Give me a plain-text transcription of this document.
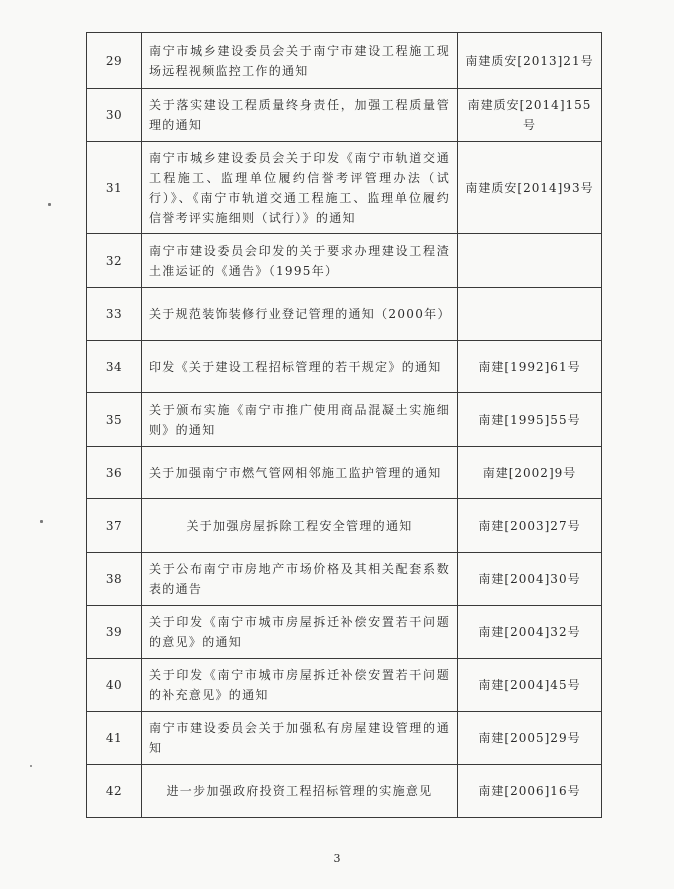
29	南宁市城乡建设委员会关于南宁市建设工程施工现场远程视频监控工作的通知	南建质安[2013]21号
30	关于落实建设工程质量终身责任，加强工程质量管理的通知	南建质安[2014]155号
31	南宁市城乡建设委员会关于印发《南宁市轨道交通工程施工、监理单位履约信誉考评管理办法（试行）》、《南宁市轨道交通工程施工、监理单位履约信誉考评实施细则（试行）》的通知	南建质安[2014]93号
32	南宁市建设委员会印发的关于要求办理建设工程渣土准运证的《通告》（1995年）	
33	关于规范装饰装修行业登记管理的通知（2000年）	
34	印发《关于建设工程招标管理的若干规定》的通知	南建[1992]61号
35	关于颁布实施《南宁市推广使用商品混凝土实施细则》的通知	南建[1995]55号
36	关于加强南宁市燃气管网相邻施工监护管理的通知	南建[2002]9号
37	关于加强房屋拆除工程安全管理的通知	南建[2003]27号
38	关于公布南宁市房地产市场价格及其相关配套系数表的通告	南建[2004]30号
39	关于印发《南宁市城市房屋拆迁补偿安置若干问题的意见》的通知	南建[2004]32号
40	关于印发《南宁市城市房屋拆迁补偿安置若干问题的补充意见》的通知	南建[2004]45号
41	南宁市建设委员会关于加强私有房屋建设管理的通知	南建[2005]29号
42	进一步加强政府投资工程招标管理的实施意见	南建[2006]16号
3
